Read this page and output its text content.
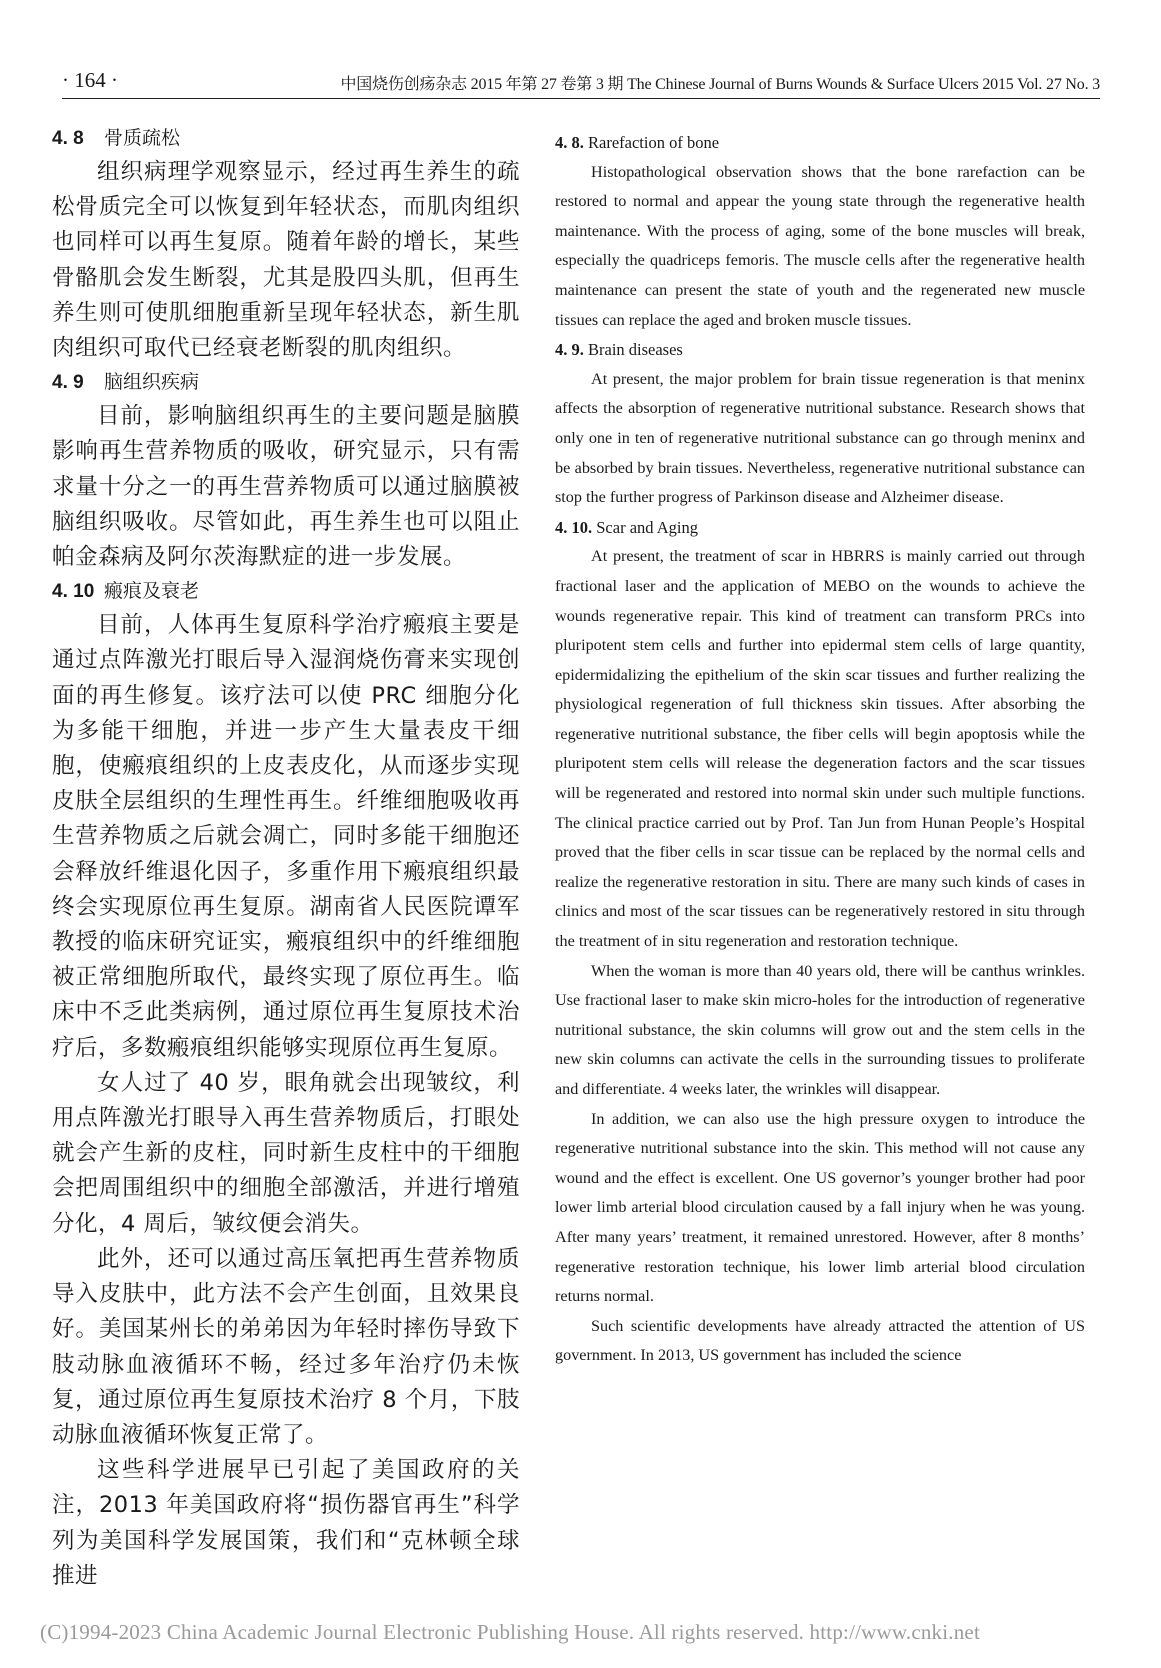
· 164 ·	中国烧伤创疡杂志 2015 年第 27 卷第 3 期 The Chinese Journal of Burns Wounds & Surface Ulcers 2015 Vol. 27 No. 3
4. 8 骨质疏松

组织病理学观察显示，经过再生养生的疏松骨质完全可以恢复到年轻状态，而肌肉组织也同样可以再生复原。随着年龄的增长，某些骨骼肌会发生断裂，尤其是股四头肌，但再生养生则可使肌细胞重新呈现年轻状态，新生肌肉组织可取代已经衰老断裂的肌肉组织。

4. 9 脑组织疾病

目前，影响脑组织再生的主要问题是脑膜影响再生营养物质的吸收，研究显示，只有需求量十分之一的再生营养物质可以通过脑膜被脑组织吸收。尽管如此，再生养生也可以阻止帕金森病及阿尔茨海默症的进一步发展。

4. 10 瘢痕及衰老

目前，人体再生复原科学治疗瘢痕主要是通过点阵激光打眼后导入湿润烧伤膏来实现创面的再生修复。该疗法可以使 PRC 细胞分化为多能干细胞，并进一步产生大量表皮干细胞，使瘢痕组织的上皮表皮化，从而逐步实现皮肤全层组织的生理性再生。纤维细胞吸收再生营养物质之后就会凋亡，同时多能干细胞还会释放纤维退化因子，多重作用下瘢痕组织最终会实现原位再生复原。湖南省人民医院谭军教授的临床研究证实，瘢痕组织中的纤维细胞被正常细胞所取代，最终实现了原位再生。临床中不乏此类病例，通过原位再生复原技术治疗后，多数瘢痕组织能够实现原位再生复原。

女人过了 40 岁，眼角就会出现皱纹，利用点阵激光打眼导入再生营养物质后，打眼处就会产生新的皮柱，同时新生皮柱中的干细胞会把周围组织中的细胞全部激活，并进行增殖分化，4 周后，皱纹便会消失。

此外，还可以通过高压氧把再生营养物质导入皮肤中，此方法不会产生创面，且效果良好。美国某州长的弟弟因为年轻时摔伤导致下肢动脉血液循环不畅，经过多年治疗仍未恢复，通过原位再生复原技术治疗 8 个月，下肢动脉血液循环恢复正常了。

这些科学进展早已引起了美国政府的关注，2013 年美国政府将“损伤器官再生”科学列为美国科学发展国策，我们和“克林顿全球推进

4. 8. Rarefaction of bone

Histopathological observation shows that the bone rarefaction can be restored to normal and appear the young state through the regenerative health maintenance. With the process of aging, some of the bone muscles will break, especially the quadriceps femoris. The muscle cells after the regenerative health maintenance can present the state of youth and the regenerated new muscle tissues can replace the aged and broken muscle tissues.

4. 9. Brain diseases

At present, the major problem for brain tissue regeneration is that meninx affects the absorption of regenerative nutritional substance. Research shows that only one in ten of regenerative nutritional substance can go through meninx and be absorbed by brain tissues. Nevertheless, regenerative nutritional substance can stop the further progress of Parkinson disease and Alzheimer disease.

4. 10. Scar and Aging

At present, the treatment of scar in HBRRS is mainly carried out through fractional laser and the application of MEBO on the wounds to achieve the wounds regenerative repair. This kind of treatment can transform PRCs into pluripotent stem cells and further into epidermal stem cells of large quantity, epidermidalizing the epithelium of the skin scar tissues and further realizing the physiological regeneration of full thickness skin tissues. After absorbing the regenerative nutritional substance, the fiber cells will begin apoptosis while the pluripotent stem cells will release the degeneration factors and the scar tissues will be regenerated and restored into normal skin under such multiple functions. The clinical practice carried out by Prof. Tan Jun from Hunan People’s Hospital proved that the fiber cells in scar tissue can be replaced by the normal cells and realize the regenerative restoration in situ. There are many such kinds of cases in clinics and most of the scar tissues can be regeneratively restored in situ through the treatment of in situ regeneration and restoration technique.

When the woman is more than 40 years old, there will be canthus wrinkles. Use fractional laser to make skin micro-holes for the introduction of regenerative nutritional substance, the skin columns will grow out and the stem cells in the new skin columns can activate the cells in the surrounding tissues to proliferate and differentiate. 4 weeks later, the wrinkles will disappear.

In addition, we can also use the high pressure oxygen to introduce the regenerative nutritional substance into the skin. This method will not cause any wound and the effect is excellent. One US governor’s younger brother had poor lower limb arterial blood circulation caused by a fall injury when he was young. After many years’ treatment, it remained unrestored. However, after 8 months’ regenerative restoration technique, his lower limb arterial blood circulation returns normal.

Such scientific developments have already attracted the attention of US government. In 2013, US government has included the science

(C)1994-2023 China Academic Journal Electronic Publishing House. All rights reserved. http://www.cnki.net
